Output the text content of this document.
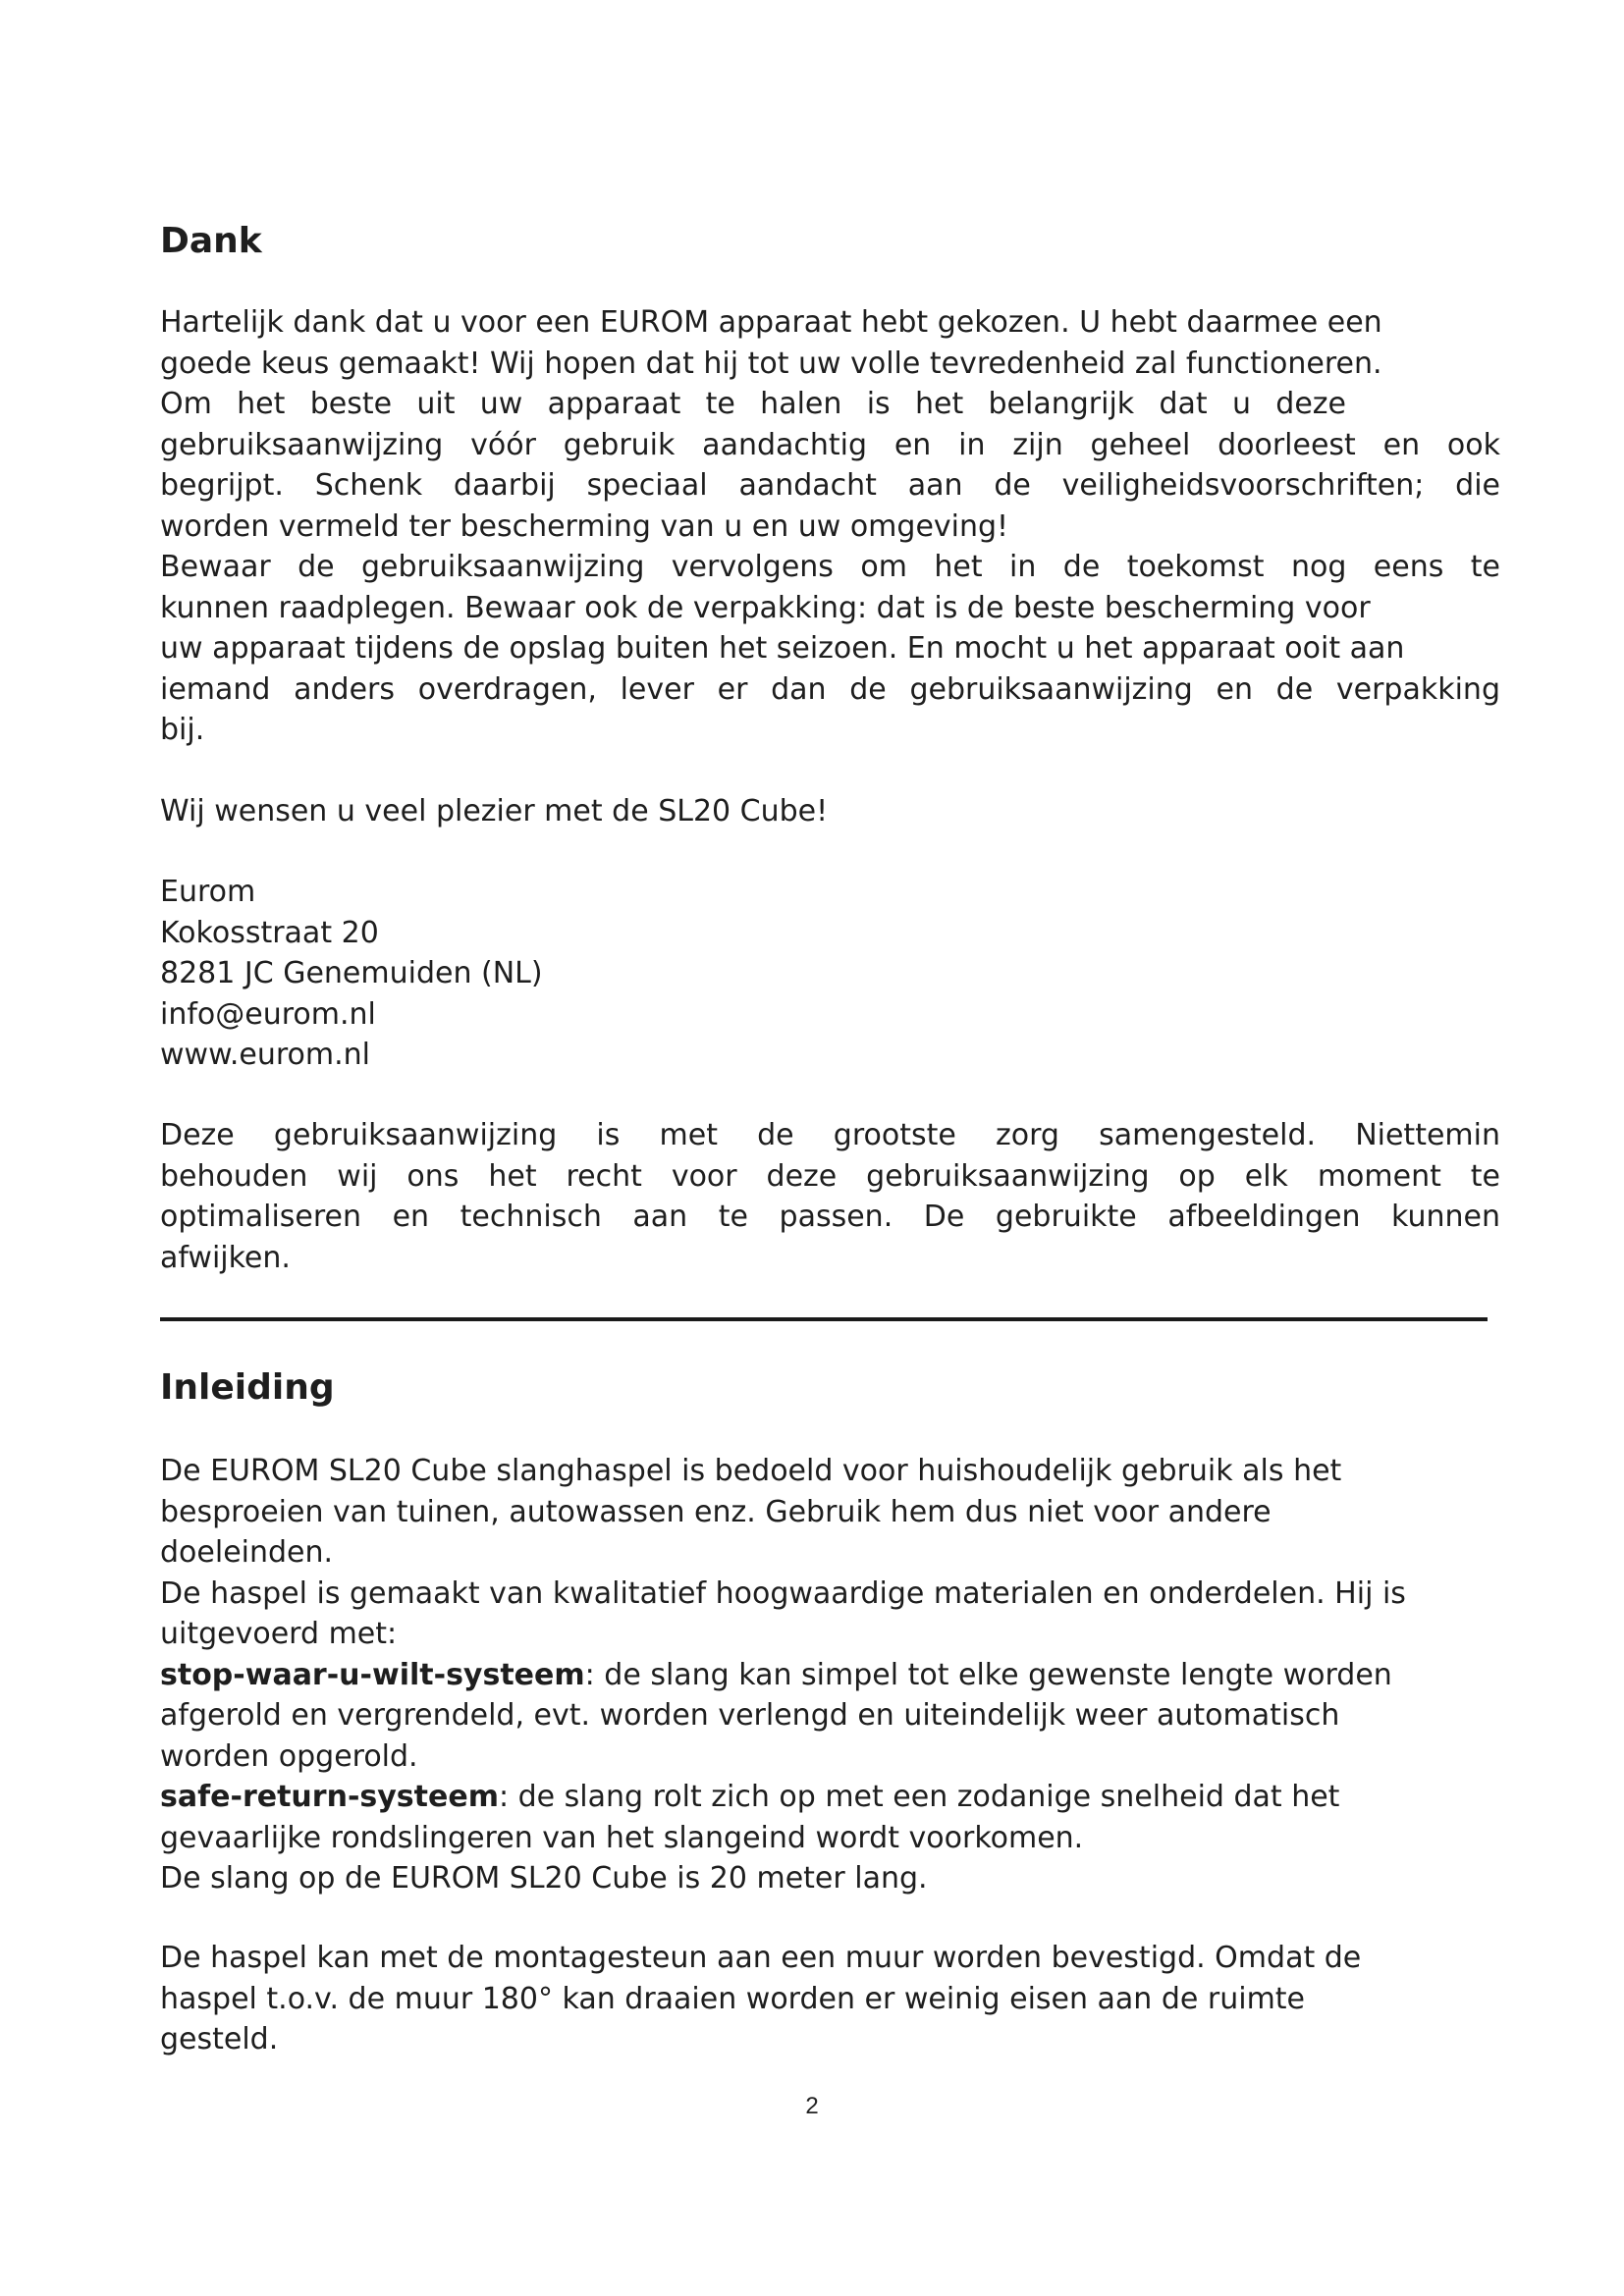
Dank
Hartelijk dank dat u voor een EUROM apparaat hebt gekozen. U hebt daarmee een
goede keus gemaakt! Wij hopen dat hij tot uw volle tevredenheid zal functioneren.
Om het beste uit uw apparaat te halen is het belangrijk dat u deze
gebruiksaanwijzing vóór gebruik aandachtig en in zijn geheel doorleest en ook
begrijpt. Schenk daarbij speciaal aandacht aan de veiligheidsvoorschriften; die
worden vermeld ter bescherming van u en uw omgeving!
Bewaar de gebruiksaanwijzing vervolgens om het in de toekomst nog eens te
kunnen raadplegen. Bewaar ook de verpakking: dat is de beste bescherming voor
uw apparaat tijdens de opslag buiten het seizoen. En mocht u het apparaat ooit aan
iemand anders overdragen, lever er dan de gebruiksaanwijzing en de verpakking
bij.
Wij wensen u veel plezier met de SL20 Cube!
Eurom
Kokosstraat 20
8281 JC Genemuiden (NL)
info@eurom.nl
www.eurom.nl
Deze gebruiksaanwijzing is met de grootste zorg samengesteld. Niettemin
behouden wij ons het recht voor deze gebruiksaanwijzing op elk moment te
optimaliseren en technisch aan te passen. De gebruikte afbeeldingen kunnen
afwijken.
Inleiding
De EUROM SL20 Cube slanghaspel is bedoeld voor huishoudelijk gebruik als het
besproeien van tuinen, autowassen enz. Gebruik hem dus niet voor andere
doeleinden.
De haspel is gemaakt van kwalitatief hoogwaardige materialen en onderdelen. Hij is
uitgevoerd met:
stop-waar-u-wilt-systeem: de slang kan simpel tot elke gewenste lengte worden
afgerold en vergrendeld, evt. worden verlengd en uiteindelijk weer automatisch
worden opgerold.
safe-return-systeem: de slang rolt zich op met een zodanige snelheid dat het
gevaarlijke rondslingeren van het slangeind wordt voorkomen.
De slang op de EUROM SL20 Cube is 20 meter lang.
De haspel kan met de montagesteun aan een muur worden bevestigd. Omdat de
haspel t.o.v. de muur 180° kan draaien worden er weinig eisen aan de ruimte
gesteld.
2
